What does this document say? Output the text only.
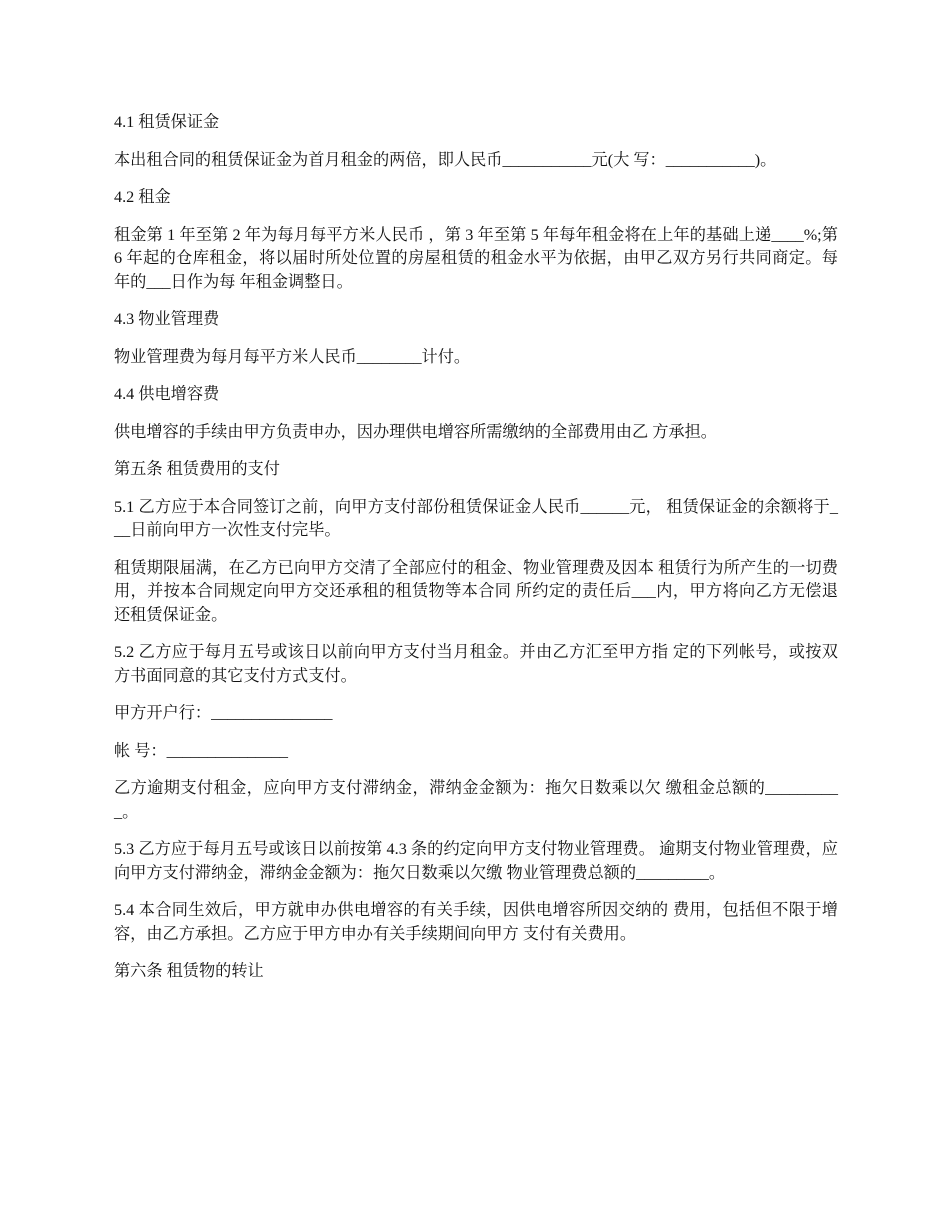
4.1 租赁保证金

本出租合同的租赁保证金为首月租金的两倍，即人民币___________元(大 写：___________)。

4.2 租金

租金第 1 年至第 2 年为每月每平方米人民币 ，第 3 年至第 5 年每年租金将在上年的基础上递____%;第 6 年起的仓库租金，将以届时所处位置的房屋租赁的租金水平为依据，由甲乙双方另行共同商定。每年的___日作为每 年租金调整日。

4.3 物业管理费

物业管理费为每月每平方米人民币________计付。

4.4 供电增容费

供电增容的手续由甲方负责申办，因办理供电增容所需缴纳的全部费用由乙 方承担。

第五条 租赁费用的支付

5.1 乙方应于本合同签订之前，向甲方支付部份租赁保证金人民币______元， 租赁保证金的余额将于___日前向甲方一次性支付完毕。

租赁期限届满，在乙方已向甲方交清了全部应付的租金、物业管理费及因本 租赁行为所产生的一切费用，并按本合同规定向甲方交还承租的租赁物等本合同 所约定的责任后___内，甲方将向乙方无偿退还租赁保证金。

5.2 乙方应于每月五号或该日以前向甲方支付当月租金。并由乙方汇至甲方指 定的下列帐号，或按双方书面同意的其它支付方式支付。

甲方开户行：_______________

帐 号：_______________

乙方逾期支付租金，应向甲方支付滞纳金，滞纳金金额为：拖欠日数乘以欠 缴租金总额的__________。

5.3 乙方应于每月五号或该日以前按第 4.3 条的约定向甲方支付物业管理费。 逾期支付物业管理费，应向甲方支付滞纳金，滞纳金金额为：拖欠日数乘以欠缴 物业管理费总额的_________。

5.4 本合同生效后，甲方就申办供电增容的有关手续，因供电增容所因交纳的 费用，包括但不限于增容，由乙方承担。乙方应于甲方申办有关手续期间向甲方 支付有关费用。

第六条 租赁物的转让
